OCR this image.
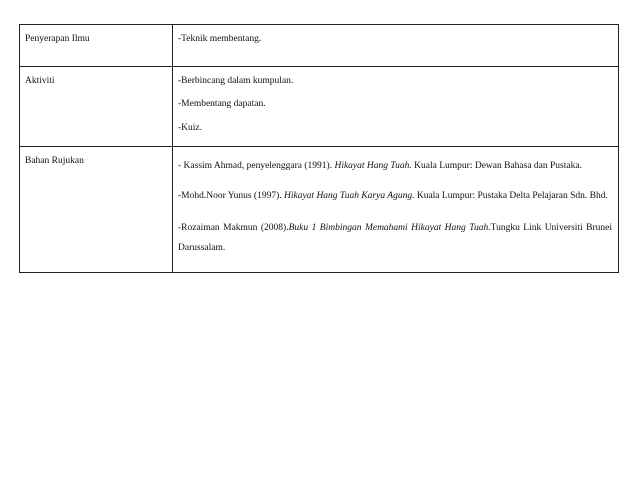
Penyerapan Ilmu	-Teknik membentang.

Aktiviti	-Berbincang dalam kumpulan.
-Membentang dapatan.
-Kuiz.

Bahan Rujukan	- Kassim Ahmad, penyelenggara (1991). Hikayat Hang Tuah. Kuala Lumpur: Dewan Bahasa dan Pustaka.
-Mohd.Noor Yunus (1997). Hikayat Hang Tuah Karya Agung. Kuala Lumpur: Pustaka Delta Pelajaran Sdn. Bhd.
-Rozaiman Makmun (2008).Buku 1 Bimbingan Memahami Hikayat Hang Tuah.Tungku Link Universiti Brunei Darussalam.
